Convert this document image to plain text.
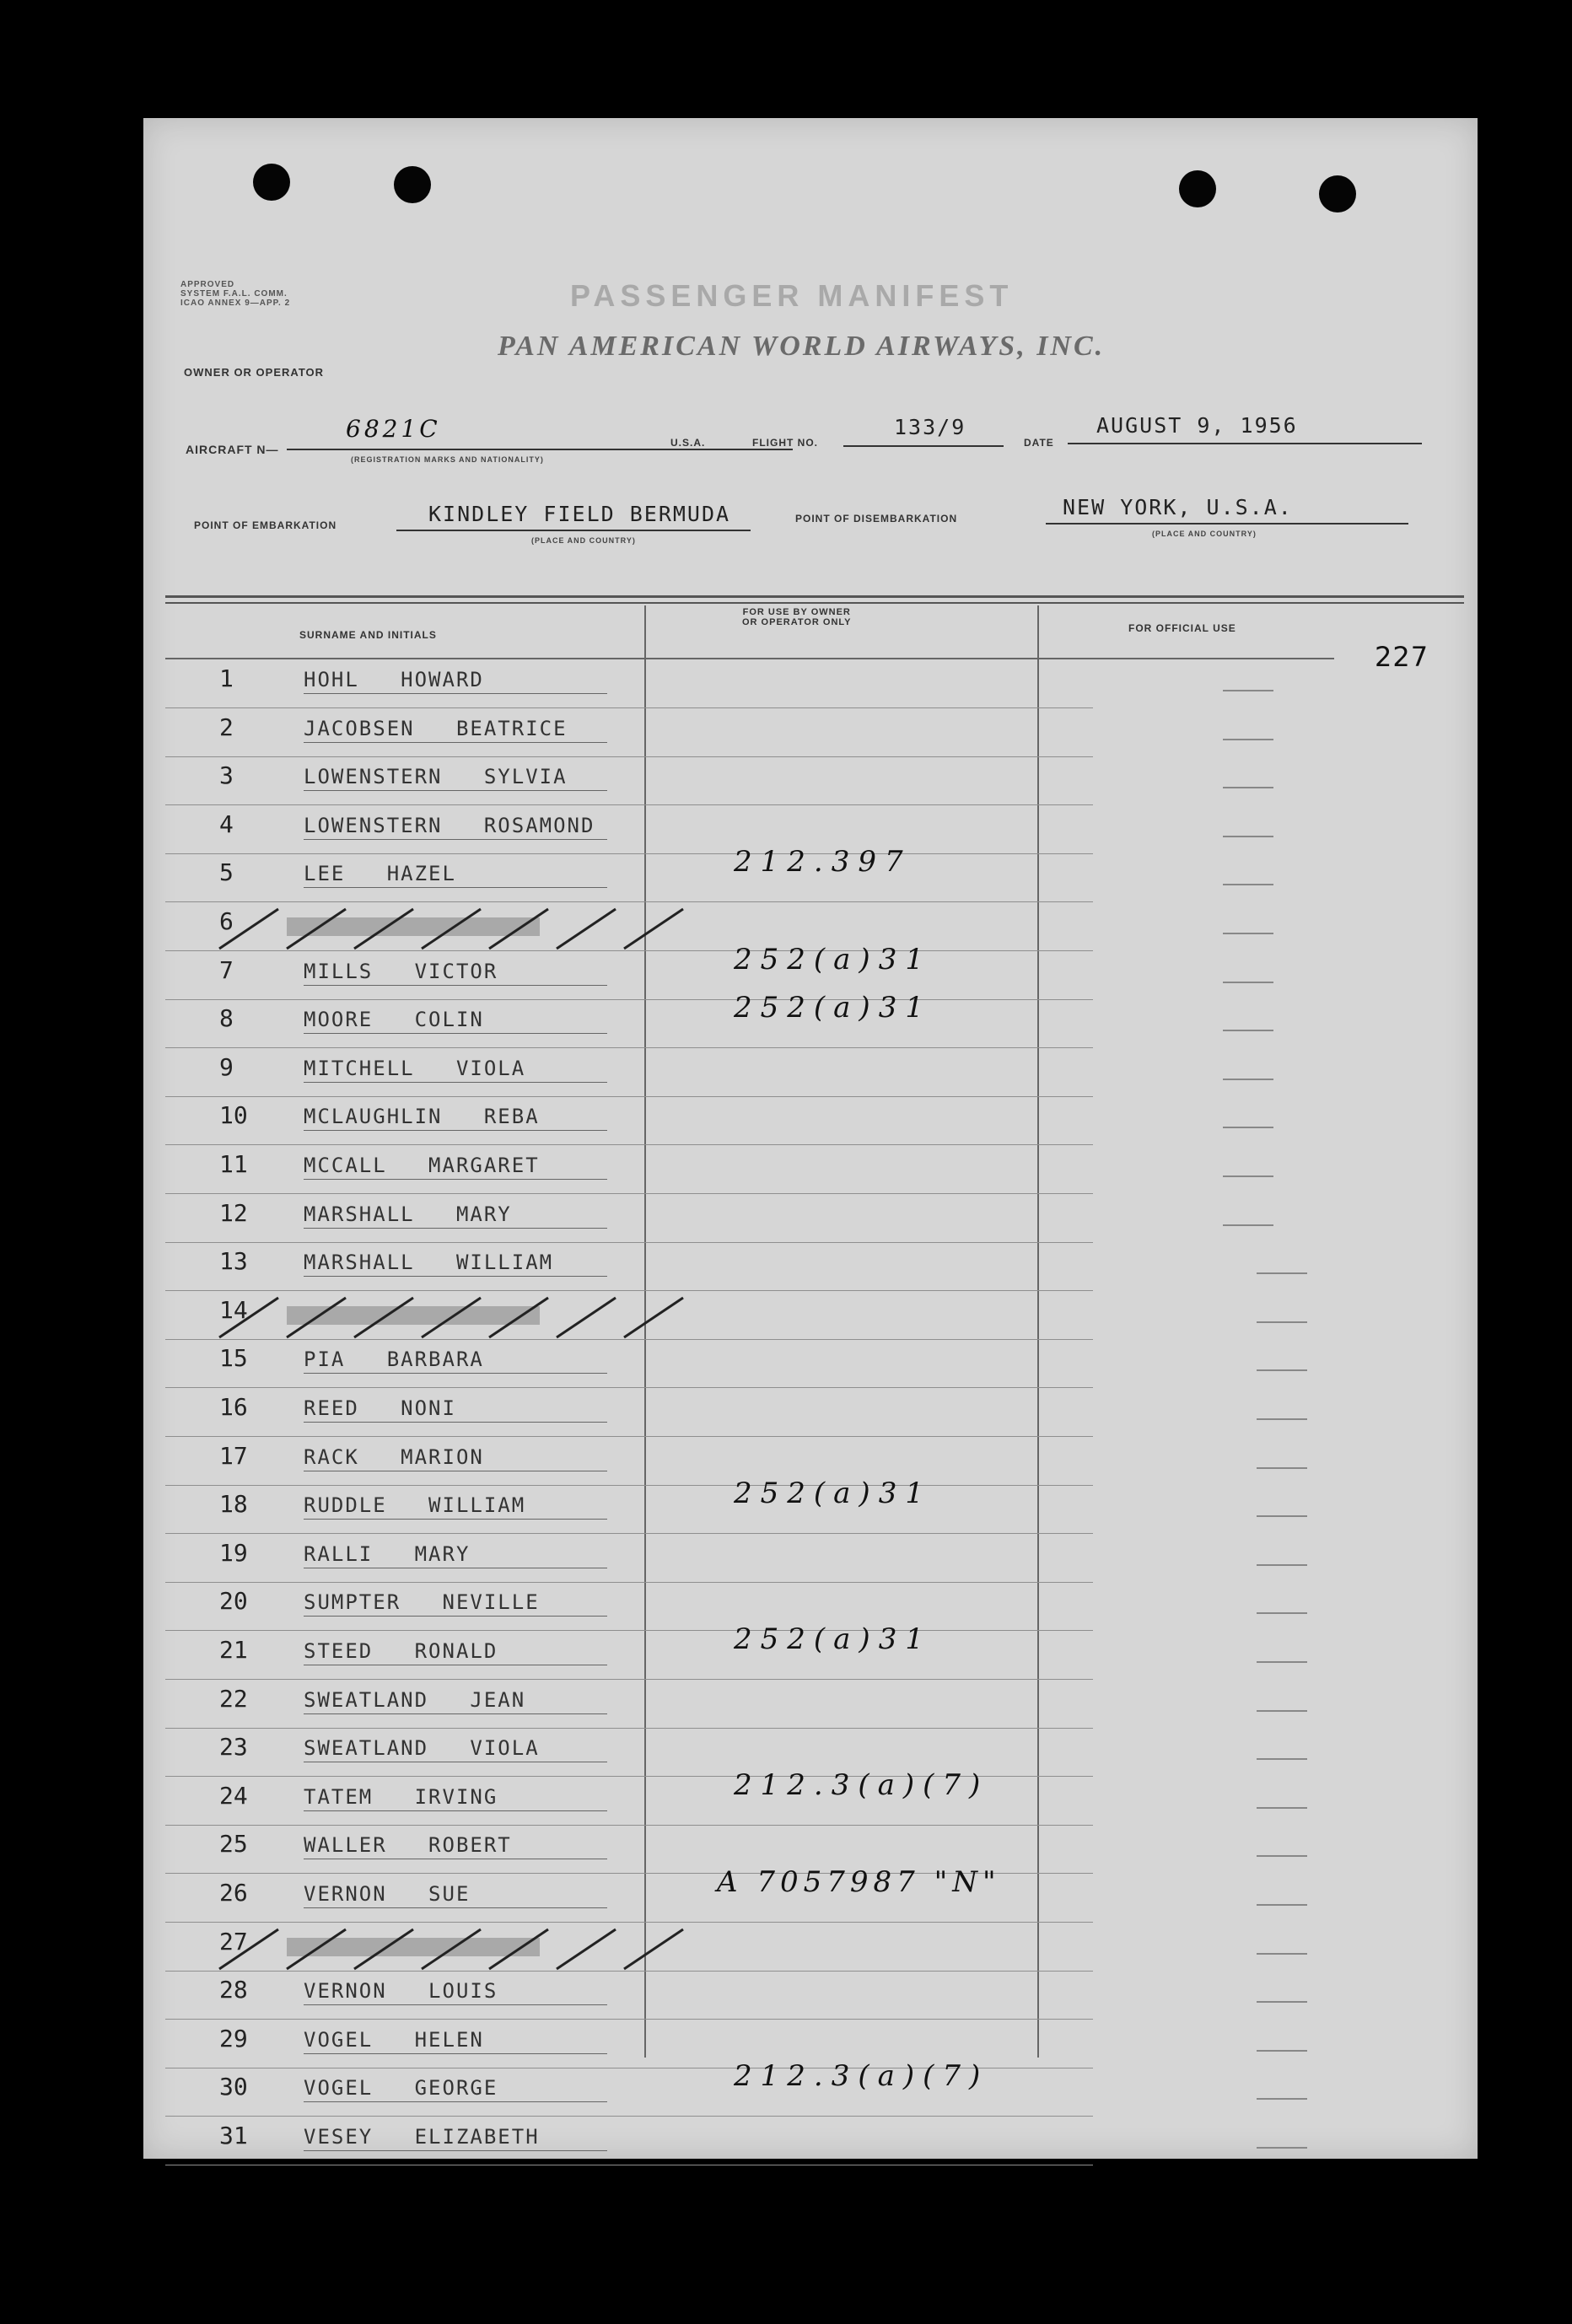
APPROVED
SYSTEM F.A.L. COMM.
ICAO ANNEX 9—APP. 2	PASSENGER MANIFEST
OWNER OR OPERATOR
PAN AMERICAN WORLD AIRWAYS, INC.
AIRCRAFT N—
6821C
(REGISTRATION MARKS AND NATIONALITY)
U.S.A.	FLIGHT NO.
133/9
DATE
AUGUST 9, 1956
POINT OF EMBARKATION	KINDLEY FIELD BERMUDA
(PLACE AND COUNTRY)
POINT OF DISEMBARKATION	NEW YORK, U.S.A.
(PLACE AND COUNTRY)
SURNAME AND INITIALS
FOR USE BY OWNER
OR OPERATOR ONLY	FOR OFFICIAL USE
227
1	HOHL   HOWARD
2	JACOBSEN   BEATRICE
3	LOWENSTERN   SYLVIA
4	LOWENSTERN   ROSAMOND
5	LEE   HAZEL	212.397
6
7	MILLS   VICTOR	252(a)31
8	MOORE   COLIN	252(a)31
9	MITCHELL   VIOLA
10	MCLAUGHLIN   REBA
11	MCCALL   MARGARET
12	MARSHALL   MARY
13	MARSHALL   WILLIAM
14
15	PIA   BARBARA
16	REED   NONI
17	RACK   MARION
18	RUDDLE   WILLIAM	252(a)31
19	RALLI   MARY
20	SUMPTER   NEVILLE
21	STEED   RONALD	252(a)31
22	SWEATLAND   JEAN
23	SWEATLAND   VIOLA
24	TATEM   IRVING	212.3(a)(7)
25	WALLER   ROBERT
26	VERNON   SUE	A 7057987 "N"
27
28	VERNON   LOUIS
29	VOGEL   HELEN
30	VOGEL   GEORGE	212.3(a)(7)
31	VESEY   ELIZABETH
